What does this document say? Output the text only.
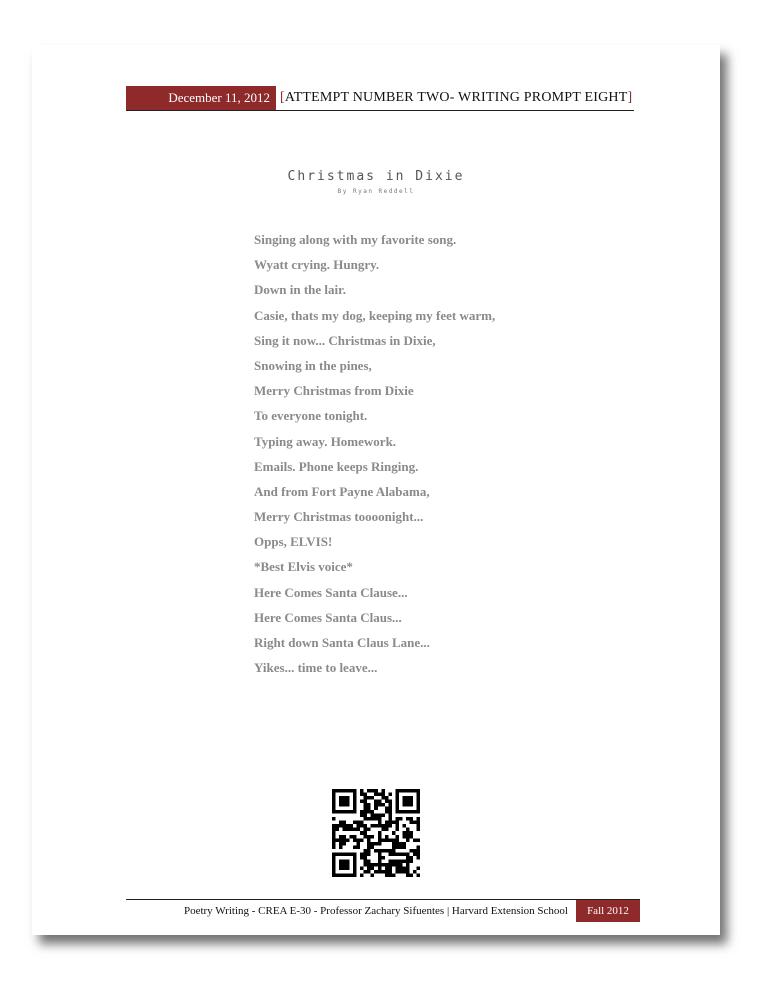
December 11, 2012 [ ATTEMPT NUMBER TWO- WRITING PROMPT EIGHT ]
Christmas in Dixie
By Ryan Reddell
Singing along with my favorite song.
Wyatt crying. Hungry.
Down in the lair.
Casie, thats my dog, keeping my feet warm,
Sing it now... Christmas in Dixie,
Snowing in the pines,
Merry Christmas from Dixie
To everyone tonight.
Typing away. Homework.
Emails. Phone keeps Ringing.
And from Fort Payne Alabama,
Merry Christmas toooonight...
Opps, ELVIS!
*Best Elvis voice*
Here Comes Santa Clause...
Here Comes Santa Claus...
Right down Santa Claus Lane...
Yikes... time to leave...
Poetry Writing - CREA E-30 - Professor Zachary Sifuentes | Harvard Extension School	Fall 2012
